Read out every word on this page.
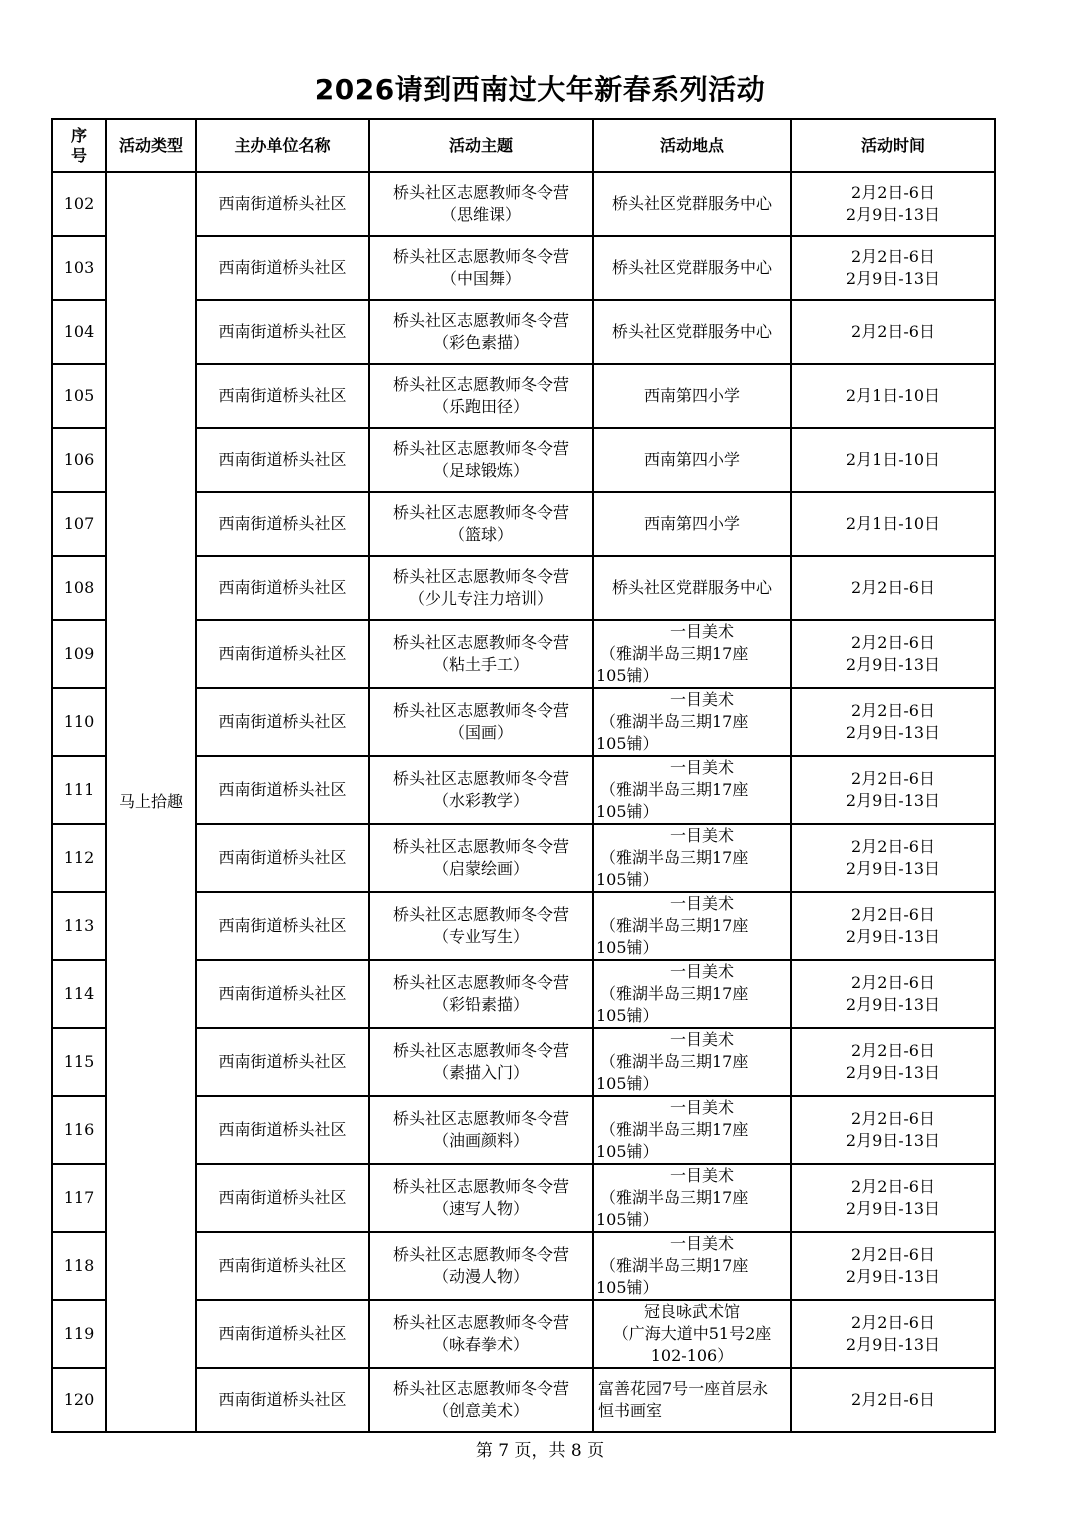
2026请到西南过大年新春系列活动
序
号	活动类型	主办单位名称	活动主题	活动地点	活动时间
102	马上拾趣	西南街道桥头社区	桥头社区志愿教师冬令营
（思维课）	桥头社区党群服务中心	2月2日-6日
2月9日-13日

103		西南街道桥头社区	桥头社区志愿教师冬令营
（中国舞）	桥头社区党群服务中心	2月2日-6日
2月9日-13日

104		西南街道桥头社区	桥头社区志愿教师冬令营
（彩色素描）	桥头社区党群服务中心	2月2日-6日

105		西南街道桥头社区	桥头社区志愿教师冬令营
（乐跑田径）	西南第四小学	2月1日-10日

106		西南街道桥头社区	桥头社区志愿教师冬令营
（足球锻炼）	西南第四小学	2月1日-10日

107		西南街道桥头社区	桥头社区志愿教师冬令营
（篮球）	西南第四小学	2月1日-10日

108		西南街道桥头社区	桥头社区志愿教师冬令营
（少儿专注力培训）	桥头社区党群服务中心	2月2日-6日

109		西南街道桥头社区	桥头社区志愿教师冬令营
（粘土手工）	一目美术
（雅湖半岛三期17座
105铺）	2月2日-6日
2月9日-13日

110		西南街道桥头社区	桥头社区志愿教师冬令营
（国画）	一目美术
（雅湖半岛三期17座
105铺）	2月2日-6日
2月9日-13日

111		西南街道桥头社区	桥头社区志愿教师冬令营
（水彩教学）	一目美术
（雅湖半岛三期17座
105铺）	2月2日-6日
2月9日-13日

112		西南街道桥头社区	桥头社区志愿教师冬令营
（启蒙绘画）	一目美术
（雅湖半岛三期17座
105铺）	2月2日-6日
2月9日-13日

113		西南街道桥头社区	桥头社区志愿教师冬令营
（专业写生）	一目美术
（雅湖半岛三期17座
105铺）	2月2日-6日
2月9日-13日

114		西南街道桥头社区	桥头社区志愿教师冬令营
（彩铅素描）	一目美术
（雅湖半岛三期17座
105铺）	2月2日-6日
2月9日-13日

115		西南街道桥头社区	桥头社区志愿教师冬令营
（素描入门）	一目美术
（雅湖半岛三期17座
105铺）	2月2日-6日
2月9日-13日

116		西南街道桥头社区	桥头社区志愿教师冬令营
（油画颜料）	一目美术
（雅湖半岛三期17座
105铺）	2月2日-6日
2月9日-13日

117		西南街道桥头社区	桥头社区志愿教师冬令营
（速写人物）	一目美术
（雅湖半岛三期17座
105铺）	2月2日-6日
2月9日-13日

118		西南街道桥头社区	桥头社区志愿教师冬令营
（动漫人物）	一目美术
（雅湖半岛三期17座
105铺）	2月2日-6日
2月9日-13日

119		西南街道桥头社区	桥头社区志愿教师冬令营
（咏春拳术）	冠良咏武术馆
（广海大道中51号2座
102-106）	2月2日-6日
2月9日-13日

120		西南街道桥头社区	桥头社区志愿教师冬令营
（创意美术）	富善花园7号一座首层永
恒书画室	2月2日-6日
第 7 页，共 8 页
